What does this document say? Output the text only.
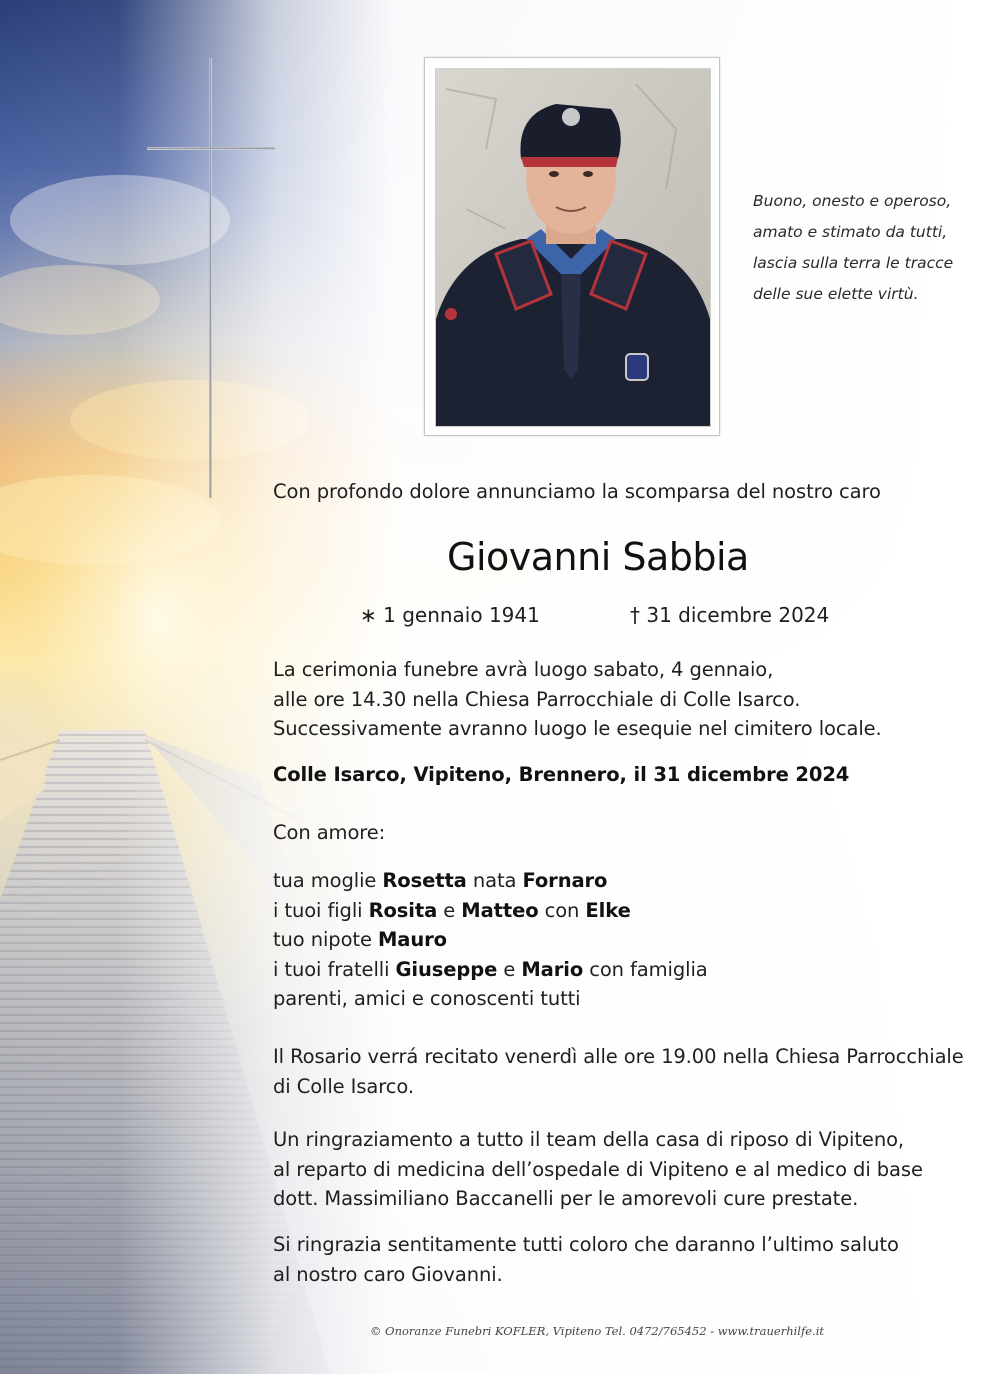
Buono, onesto e operoso,
amato e stimato da tutti,
lascia sulla terra le tracce
delle sue elette virtù.
Con profondo dolore annunciamo la scomparsa del nostro caro
Giovanni Sabbia
∗ 1 gennaio 1941	† 31 dicembre 2024
La cerimonia funebre avrà luogo sabato, 4 gennaio,
alle ore 14.30 nella Chiesa Parrocchiale di Colle Isarco.
Successivamente avranno luogo le esequie nel cimitero locale.
Colle Isarco, Vipiteno, Brennero, il 31 dicembre 2024
Con amore:
tua moglie Rosetta nata Fornaro
i tuoi figli Rosita e Matteo con Elke
tuo nipote Mauro
i tuoi fratelli Giuseppe e Mario con famiglia
parenti, amici e conoscenti tutti
Il Rosario verrá recitato venerdì alle ore 19.00 nella Chiesa Parrocchiale
di Colle Isarco.
Un ringraziamento a tutto il team della casa di riposo di Vipiteno,
al reparto di medicina dell’ospedale di Vipiteno e al medico di base
dott. Massimiliano Baccanelli per le amorevoli cure prestate.
Si ringrazia sentitamente tutti coloro che daranno l’ultimo saluto
al nostro caro Giovanni.
© Onoranze Funebri KOFLER, Vipiteno Tel. 0472/765452 - www.trauerhilfe.it
